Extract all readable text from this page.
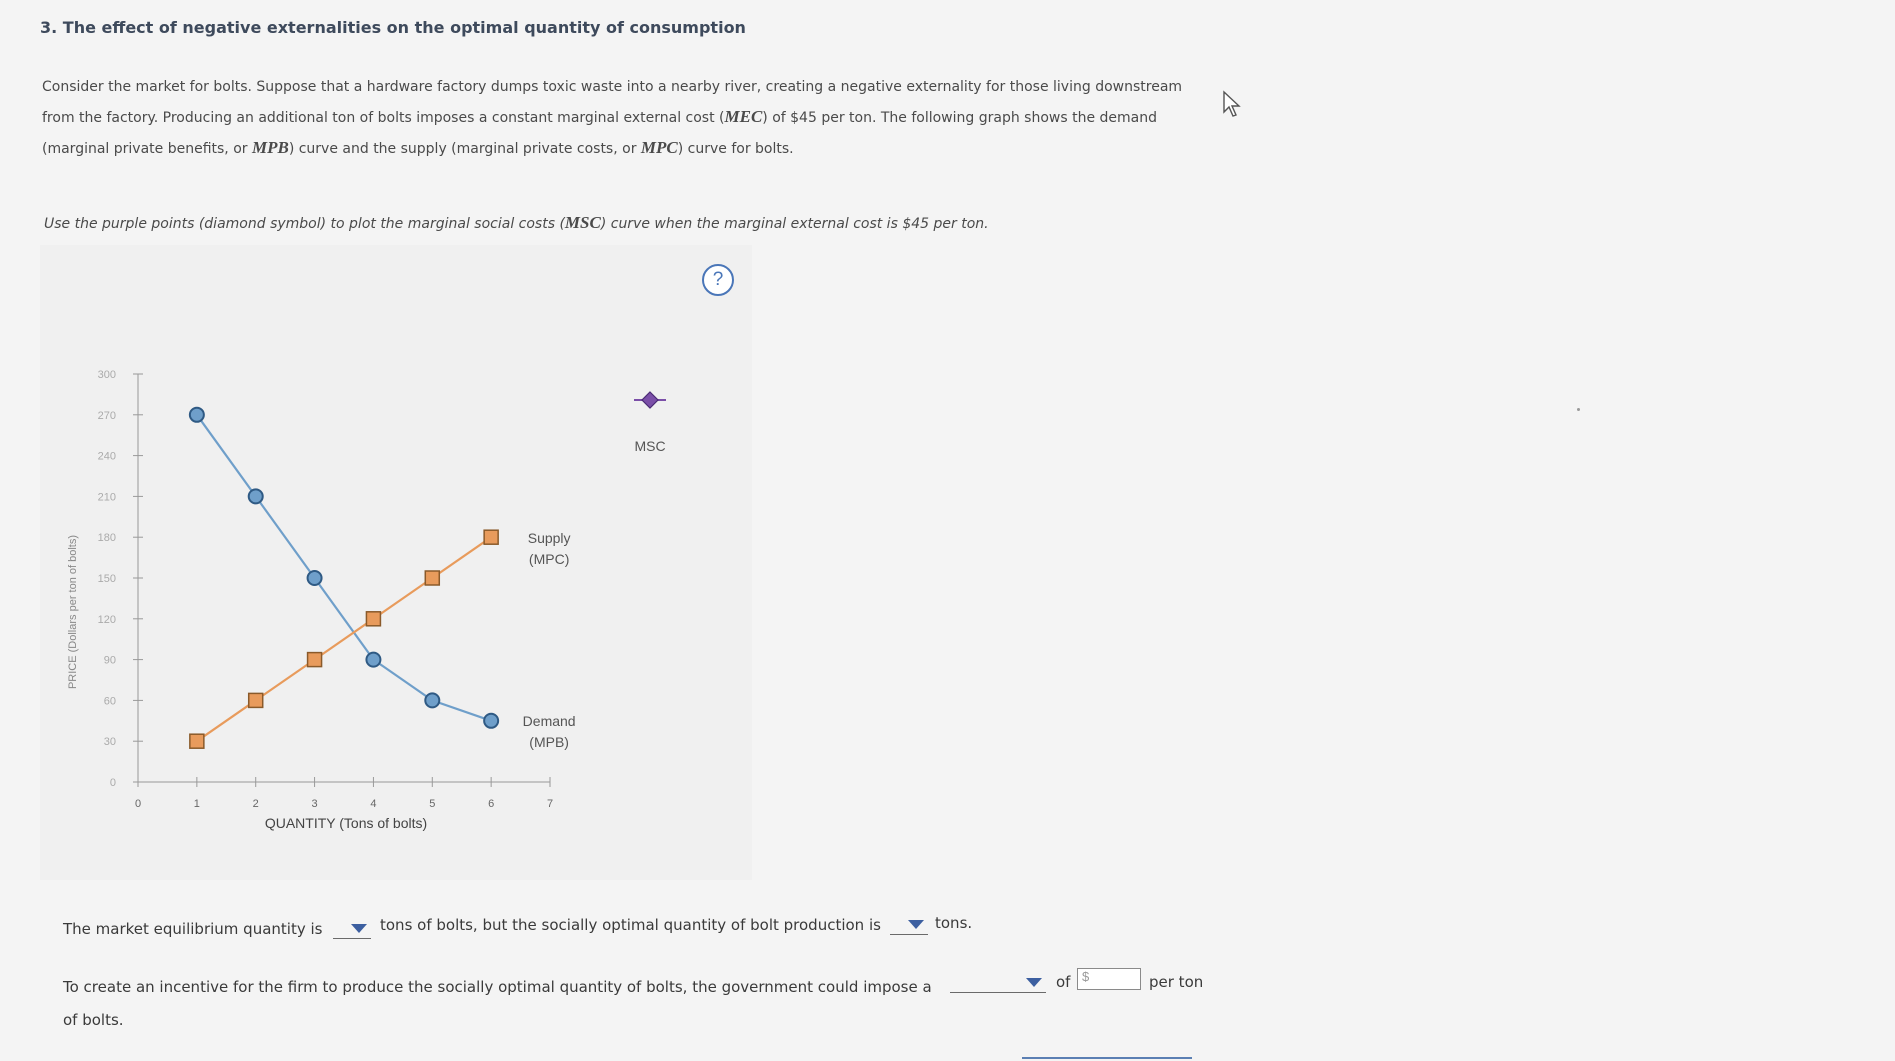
3. The effect of negative externalities on the optimal quantity of consumption
Consider the market for bolts. Suppose that a hardware factory dumps toxic waste into a nearby river, creating a negative externality for those living downstream from the factory. Producing an additional ton of bolts imposes a constant marginal external cost (MEC) of $45 per ton. The following graph shows the demand (marginal private benefits, or MPB) curve and the supply (marginal private costs, or MPC) curve for bolts.
Use the purple points (diamond symbol) to plot the marginal social costs (MSC) curve when the marginal external cost is $45 per ton.
?
0	1	2	3	4	5	6	7
0
30
60
90
120
150
180
210
240
270
300
Demand
(MPB)
Supply
(MPC)
MSC
QUANTITY (Tons of bolts)
PRICE (Dollars per ton of bolts)
The market equilibrium quantity is	tons of bolts, but the socially optimal quantity of bolt production is	tons.
To create an incentive for the firm to produce the socially optimal quantity of bolts, the government could impose a	of $	per ton
of bolts.
